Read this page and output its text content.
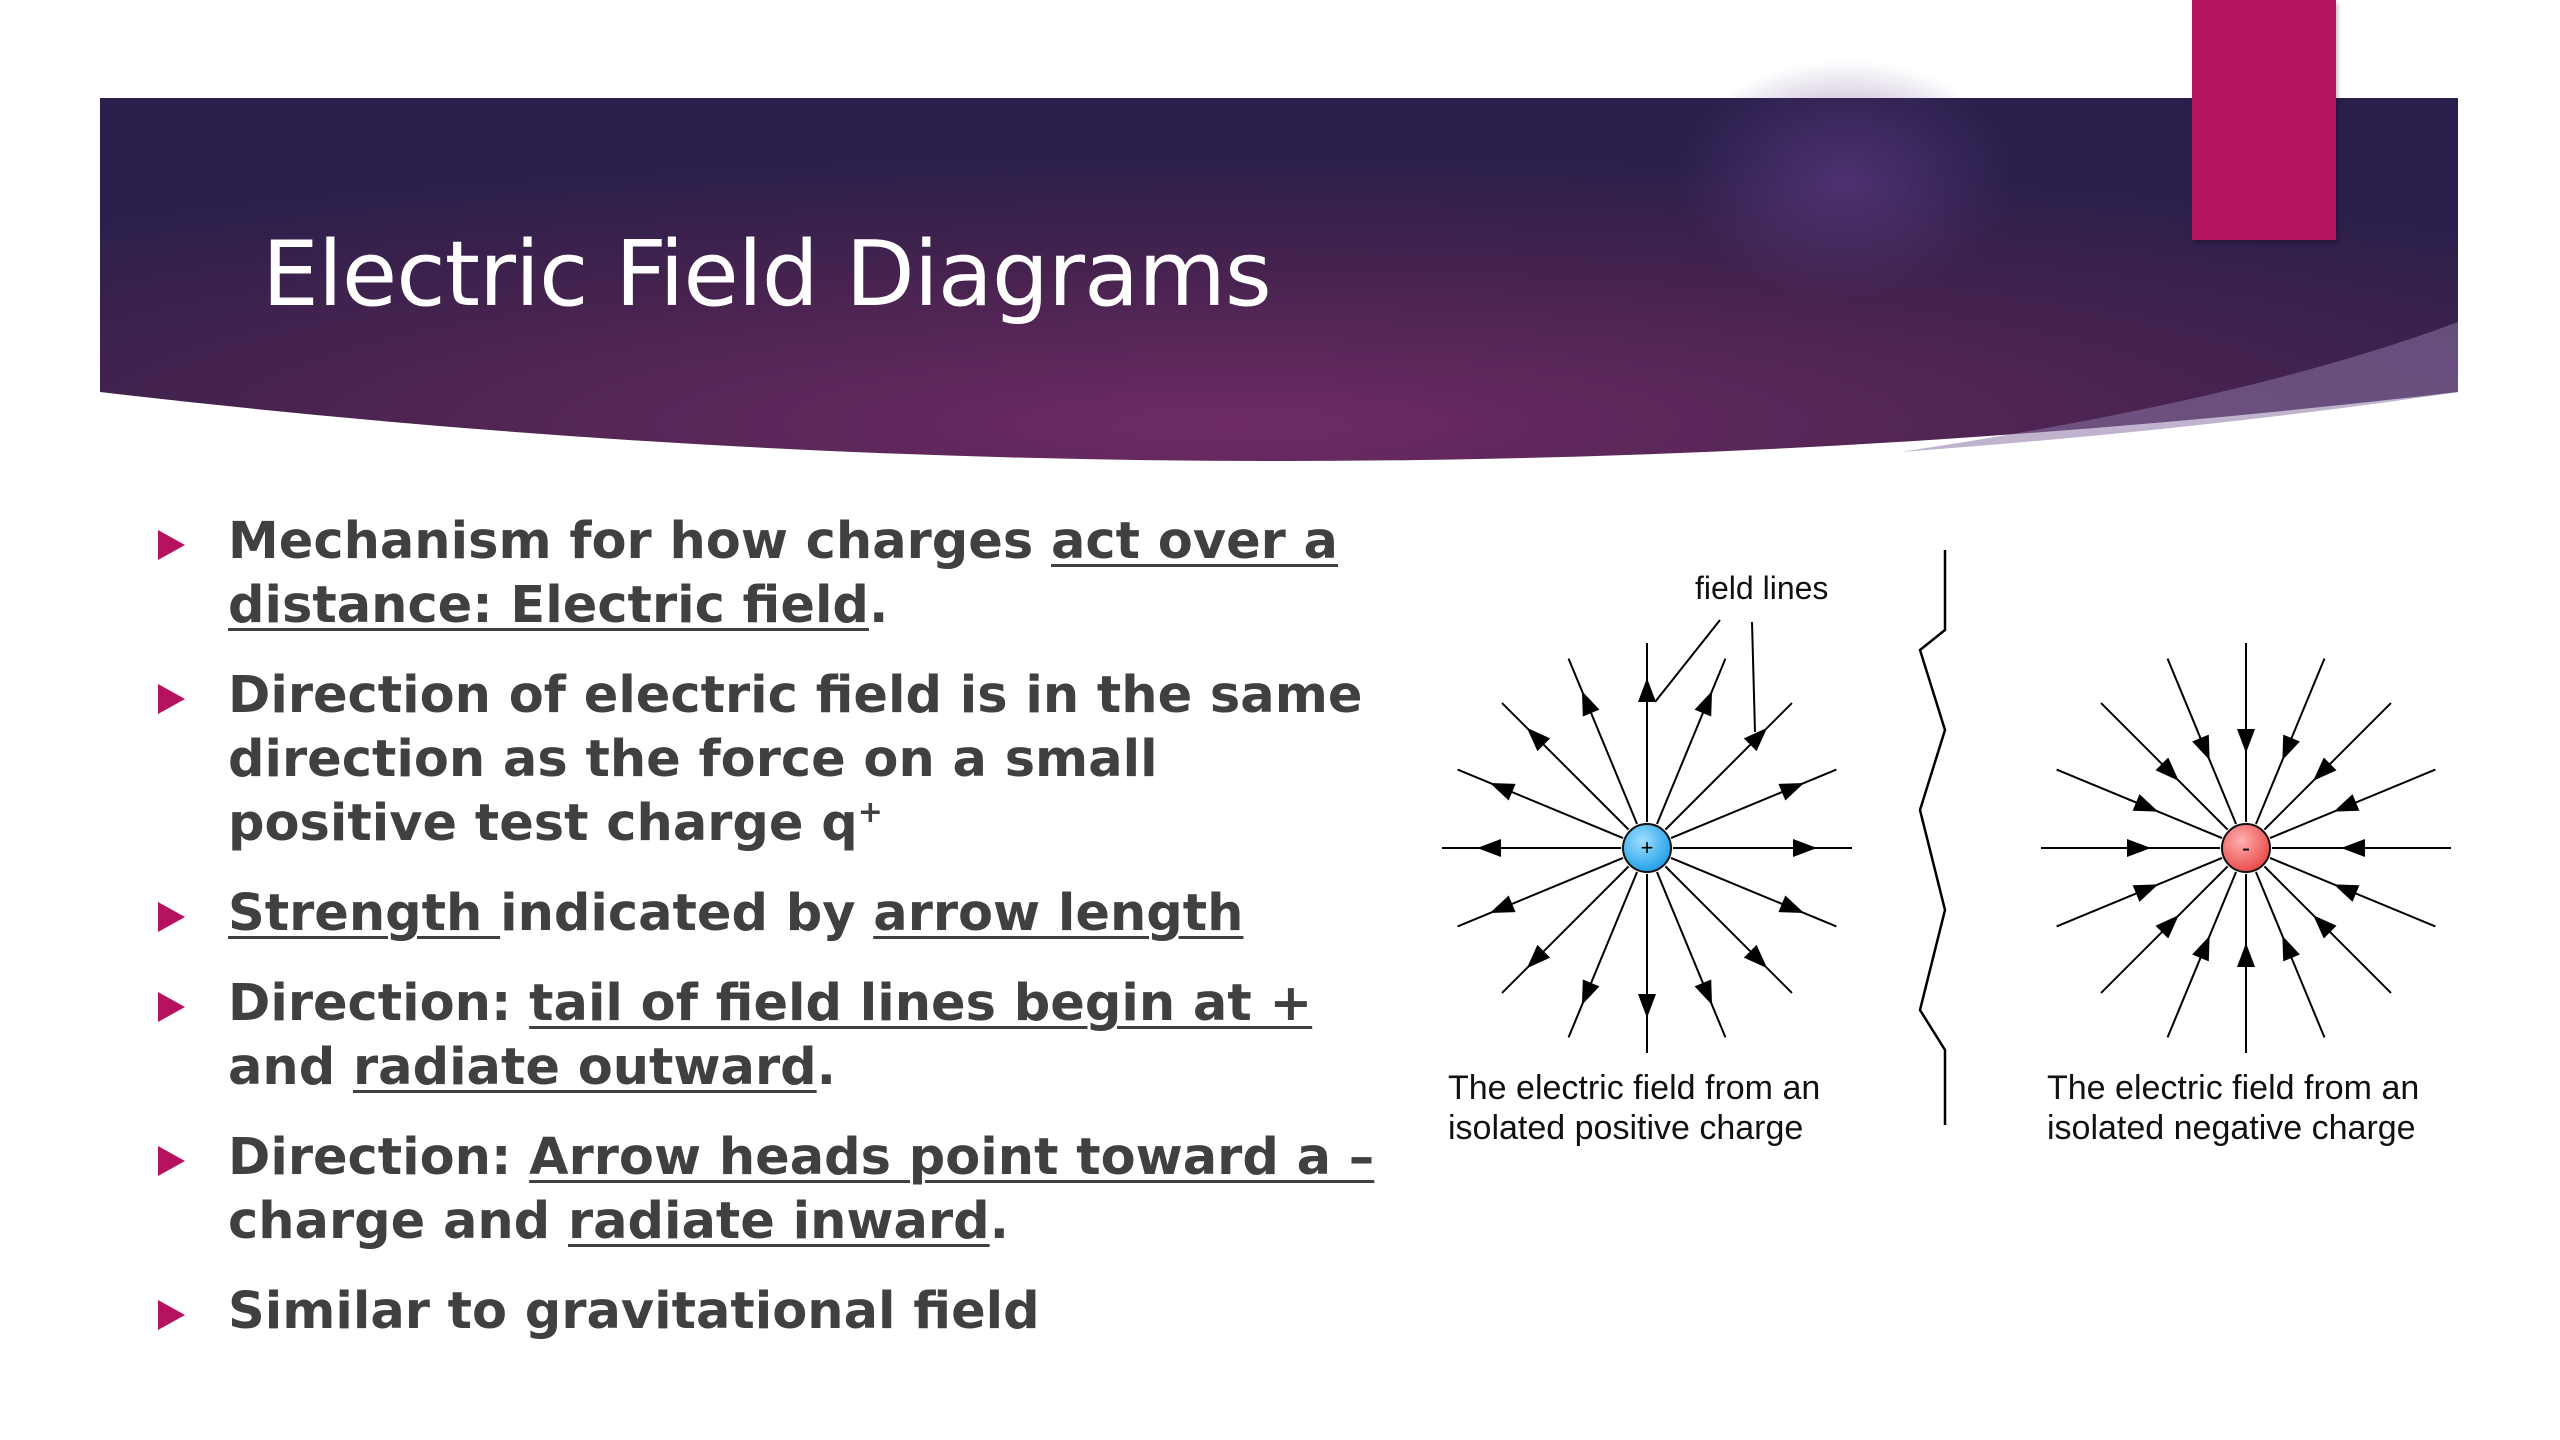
Electric Field Diagrams
Mechanism for how charges act over a distance: Electric field.
Direction of electric field is in the same direction as the force on a small positive test charge q+
Strength indicated by arrow length
Direction: tail of field lines begin at + and radiate outward.
Direction: Arrow heads point toward a – charge and radiate inward.
Similar to gravitational field
+	-
field lines
The electric field from an
isolated positive charge
The electric field from an
isolated negative charge
